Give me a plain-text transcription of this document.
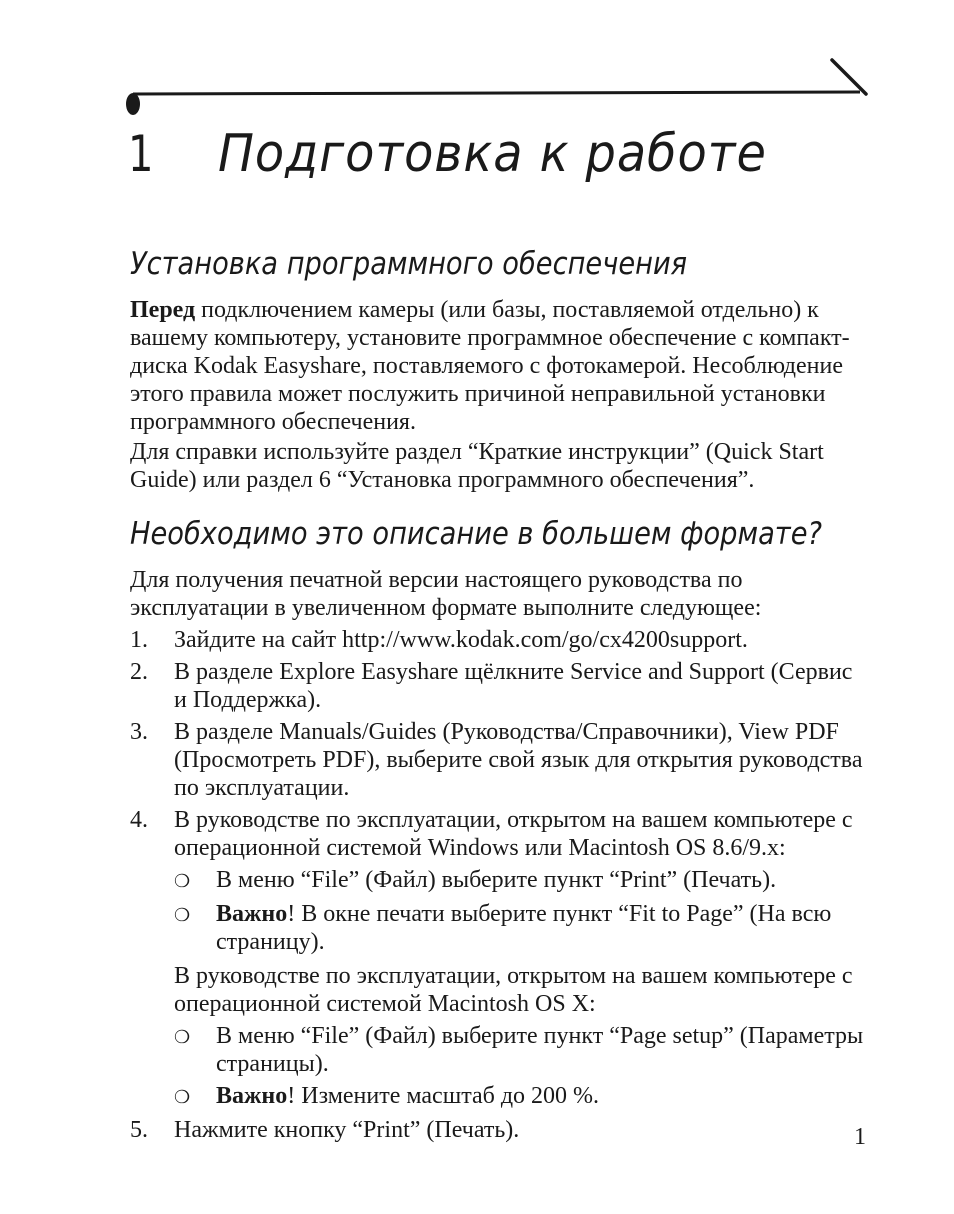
1	Подготовка к работе
Установка программного обеспечения

Перед подключением камеры (или базы, поставляемой отдельно) к вашему компьютеру, установите программное обеспечение с компакт-диска Kodak Easyshare, поставляемого с фотокамерой. Несоблюдение этого правила может послужить причиной неправильной установки программного обеспечения.

Для справки используйте раздел “Краткие инструкции” (Quick Start Guide) или раздел 6 “Установка программного обеспечения”.

Необходимо это описание в большем формате?

Для получения печатной версии настоящего руководства по эксплуатации в увеличенном формате выполните следующее:

1.	Зайдите на сайт http://www.kodak.com/go/cx4200support.
2.	В разделе Explore Easyshare щёлкните Service and Support (Сервис и Поддержка).
3.	В разделе Manuals/Guides (Руководства/Справочники), View PDF (Просмотреть PDF), выберите свой язык для открытия руководства по эксплуатации.
4.	В руководстве по эксплуатации, открытом на вашем компьютере с операционной системой Windows или Macintosh OS 8.6/9.x:
❍	В меню “File” (Файл) выберите пункт “Print” (Печать).
❍	Важно! В окне печати выберите пункт “Fit to Page” (На всю страницу).
В руководстве по эксплуатации, открытом на вашем компьютере с операционной системой Macintosh OS X:
❍	В меню “File” (Файл) выберите пункт “Page setup” (Параметры страницы).
❍	Важно! Измените масштаб до 200 %.
5.	Нажмите кнопку “Print” (Печать).	1
